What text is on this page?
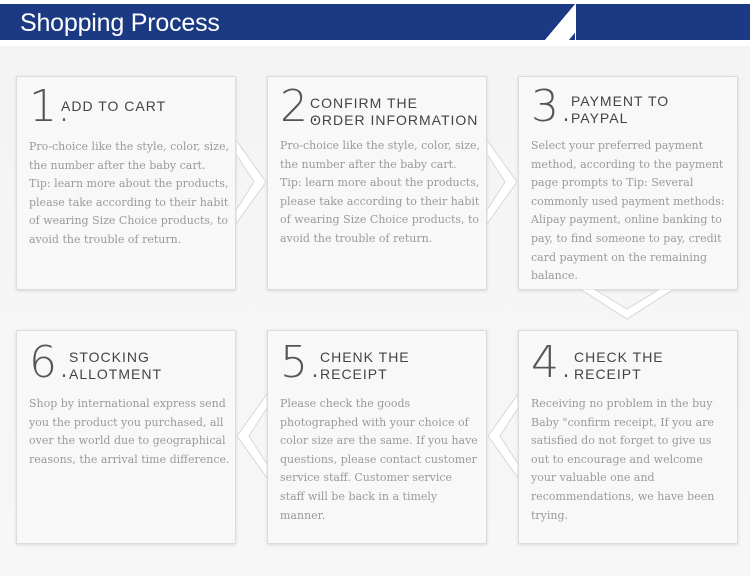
Shopping Process
1.
ADD TO CART
Pro-choice like the style, color, size, the number after the baby cart. Tip: learn more about the products, please take according to their habit of wearing Size Choice products, to avoid the trouble of return.
2.
CONFIRM THE
ORDER INFORMATION
Pro-choice like the style, color, size, the number after the baby cart. Tip: learn more about the products, please take according to their habit of wearing Size Choice products, to avoid the trouble of return.
3.
PAYMENT TO
PAYPAL
Select your preferred payment method, according to the payment page prompts to Tip: Several commonly used payment methods: Alipay payment, online banking to pay, to find someone to pay, credit card payment on the remaining balance.
6.
STOCKING
ALLOTMENT
Shop by international express send you the product you purchased, all over the world due to geographical reasons, the arrival time difference.
5.
CHENK THE
RECEIPT
Please check the goods photographed with your choice of color size are the same. If you have questions, please contact customer service staff. Customer service staff will be back in a timely manner.
4. CHECK THE
RECEIPT
Receiving no problem in the buy Baby "confirm receipt, If you are satisfied do not forget to give us out to encourage and welcome your valuable one and recommendations, we have been trying.
